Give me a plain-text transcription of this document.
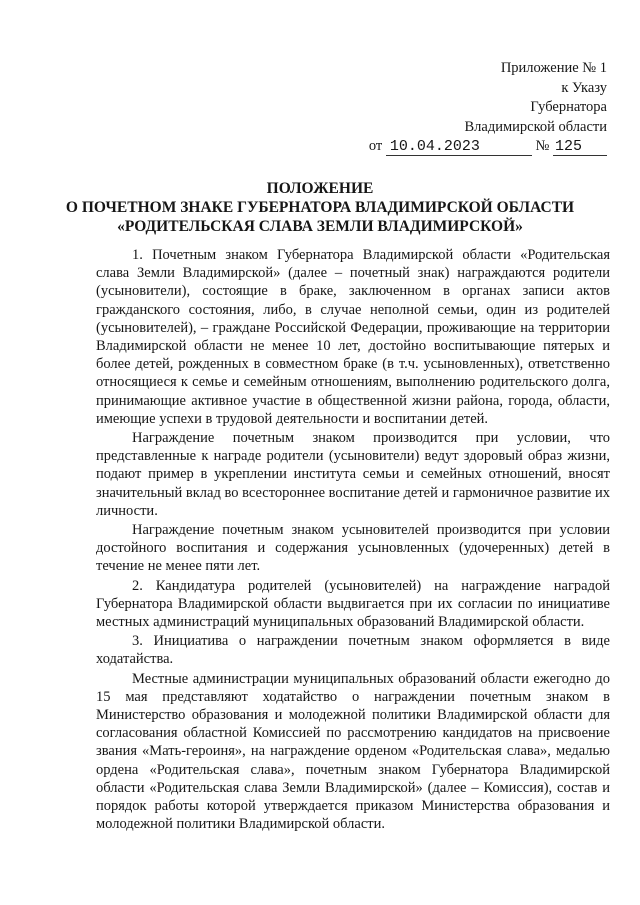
Приложение № 1
к Указу
Губернатора
Владимирской области
от 10.04.2023	№ 125
ПОЛОЖЕНИЕ
О ПОЧЕТНОМ ЗНАКЕ ГУБЕРНАТОРА ВЛАДИМИРСКОЙ ОБЛАСТИ
«РОДИТЕЛЬСКАЯ СЛАВА ЗЕМЛИ ВЛАДИМИРСКОЙ»

1. Почетным знаком Губернатора Владимирской области «Родительская слава Земли Владимирской» (далее – почетный знак) награждаются родители (усыновители), состоящие в браке, заключенном в органах записи актов гражданского состояния, либо, в случае неполной семьи, один из родителей (усыновителей), – граждане Российской Федерации, проживающие на территории Владимирской области не менее 10 лет, достойно воспитывающие пятерых и более детей, рожденных в совместном браке (в т.ч. усыновленных), ответственно относящиеся к семье и семейным отношениям, выполнению родительского долга, принимающие активное участие в общественной жизни района, города, области, имеющие успехи в трудовой деятельности и воспитании детей.

Награждение почетным знаком производится при условии, что представленные к награде родители (усыновители) ведут здоровый образ жизни, подают пример в укреплении института семьи и семейных отношений, вносят значительный вклад во всестороннее воспитание детей и гармоничное развитие их личности.

Награждение почетным знаком усыновителей производится при условии достойного воспитания и содержания усыновленных (удочеренных) детей в течение не менее пяти лет.

2. Кандидатура родителей (усыновителей) на награждение наградой Губернатора Владимирской области выдвигается при их согласии по инициативе местных администраций муниципальных образований Владимирской области.

3. Инициатива о награждении почетным знаком оформляется в виде ходатайства.

Местные администрации муниципальных образований области ежегодно до 15 мая представляют ходатайство о награждении почетным знаком в Министерство образования и молодежной политики Владимирской области для согласования областной Комиссией по рассмотрению кандидатов на присвоение звания «Мать-героиня», на награждение орденом «Родительская слава», медалью ордена «Родительская слава», почетным знаком Губернатора Владимирской области «Родительская слава Земли Владимирской» (далее – Комиссия), состав и порядок работы которой утверждается приказом Министерства образования и молодежной политики Владимирской области.
